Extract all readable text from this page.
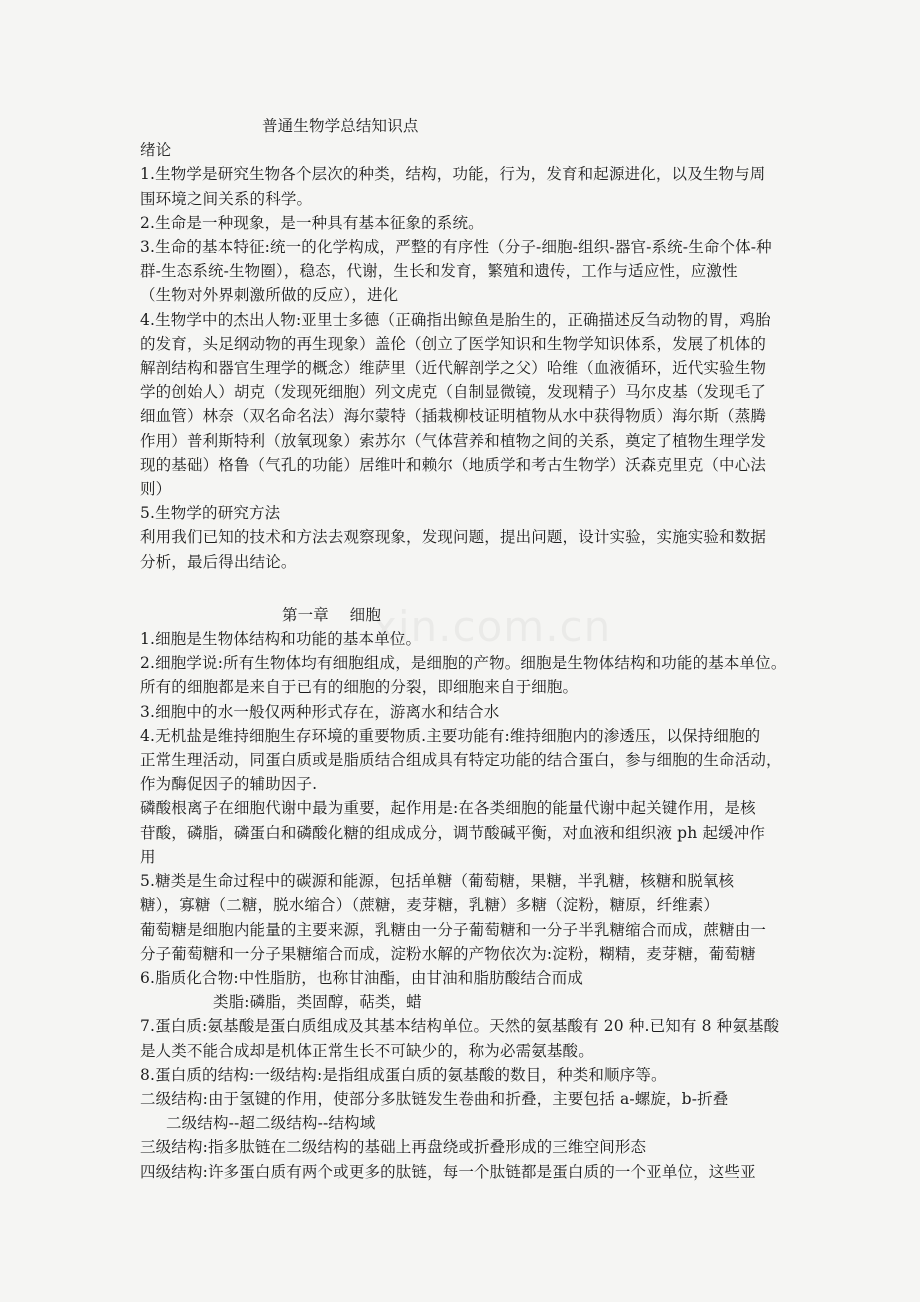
普通生物学总结知识点
绪论
1.生物学是研究生物各个层次的种类，结构，功能，行为，发育和起源进化，以及生物与周
围环境之间关系的科学。
2.生命是一种现象，是一种具有基本征象的系统。
3.生命的基本特征:统一的化学构成，严整的有序性（分子-细胞-组织-器官-系统-生命个体-种
群-生态系统-生物圈），稳态，代谢，生长和发育，繁殖和遗传，工作与适应性，应激性
（生物对外界刺激所做的反应），进化
4.生物学中的杰出人物:亚里士多德（正确指出鲸鱼是胎生的，正确描述反刍动物的胃，鸡胎
的发育，头足纲动物的再生现象）盖伦（创立了医学知识和生物学知识体系，发展了机体的
解剖结构和器官生理学的概念）维萨里（近代解剖学之父）哈维（血液循环，近代实验生物
学的创始人）胡克（发现死细胞）列文虎克（自制显微镜，发现精子）马尔皮基（发现毛了
细血管）林奈（双名命名法）海尔蒙特（插栽柳枝证明植物从水中获得物质）海尔斯（蒸腾
作用）普利斯特利（放氧现象）索苏尔（气体营养和植物之间的关系，奠定了植物生理学发
现的基础）格鲁（气孔的功能）居维叶和赖尔（地质学和考古生物学）沃森克里克（中心法
则）
5.生物学的研究方法
利用我们已知的技术和方法去观察现象，发现问题，提出问题，设计实验，实施实验和数据
分析，最后得出结论。
第一章　 细胞
1.细胞是生物体结构和功能的基本单位。
2.细胞学说:所有生物体均有细胞组成，是细胞的产物。细胞是生物体结构和功能的基本单位。
所有的细胞都是来自于已有的细胞的分裂，即细胞来自于细胞。
3.细胞中的水一般仅两种形式存在，游离水和结合水
4.无机盐是维持细胞生存环境的重要物质.主要功能有:维持细胞内的渗透压，以保持细胞的
正常生理活动，同蛋白质或是脂质结合组成具有特定功能的结合蛋白，参与细胞的生命活动，
作为酶促因子的辅助因子.
磷酸根离子在细胞代谢中最为重要，起作用是:在各类细胞的能量代谢中起关键作用，是核
苷酸，磷脂，磷蛋白和磷酸化糖的组成成分，调节酸碱平衡，对血液和组织液 ph 起缓冲作
用
5.糖类是生命过程中的碳源和能源，包括单糖（葡萄糖，果糖，半乳糖，核糖和脱氧核
糖），寡糖（二糖，脱水缩合）（蔗糖，麦芽糖，乳糖）多糖（淀粉，糖原，纤维素）
葡萄糖是细胞内能量的主要来源，乳糖由一分子葡萄糖和一分子半乳糖缩合而成，蔗糖由一
分子葡萄糖和一分子果糖缩合而成，淀粉水解的产物依次为:淀粉，糊精，麦芽糖，葡萄糖
6.脂质化合物:中性脂肪，也称甘油酯，由甘油和脂肪酸结合而成
类脂:磷脂，类固醇，萜类，蜡
7.蛋白质:氨基酸是蛋白质组成及其基本结构单位。天然的氨基酸有 20 种.已知有 8 种氨基酸
是人类不能合成却是机体正常生长不可缺少的，称为必需氨基酸。
8.蛋白质的结构:一级结构:是指组成蛋白质的氨基酸的数目，种类和顺序等。
二级结构:由于氢键的作用，使部分多肽链发生卷曲和折叠，主要包括 a-螺旋，b-折叠
二级结构--超二级结构--结构域
三级结构:指多肽链在二级结构的基础上再盘绕或折叠形成的三维空间形态
四级结构:许多蛋白质有两个或更多的肽链，每一个肽链都是蛋白质的一个亚单位，这些亚
